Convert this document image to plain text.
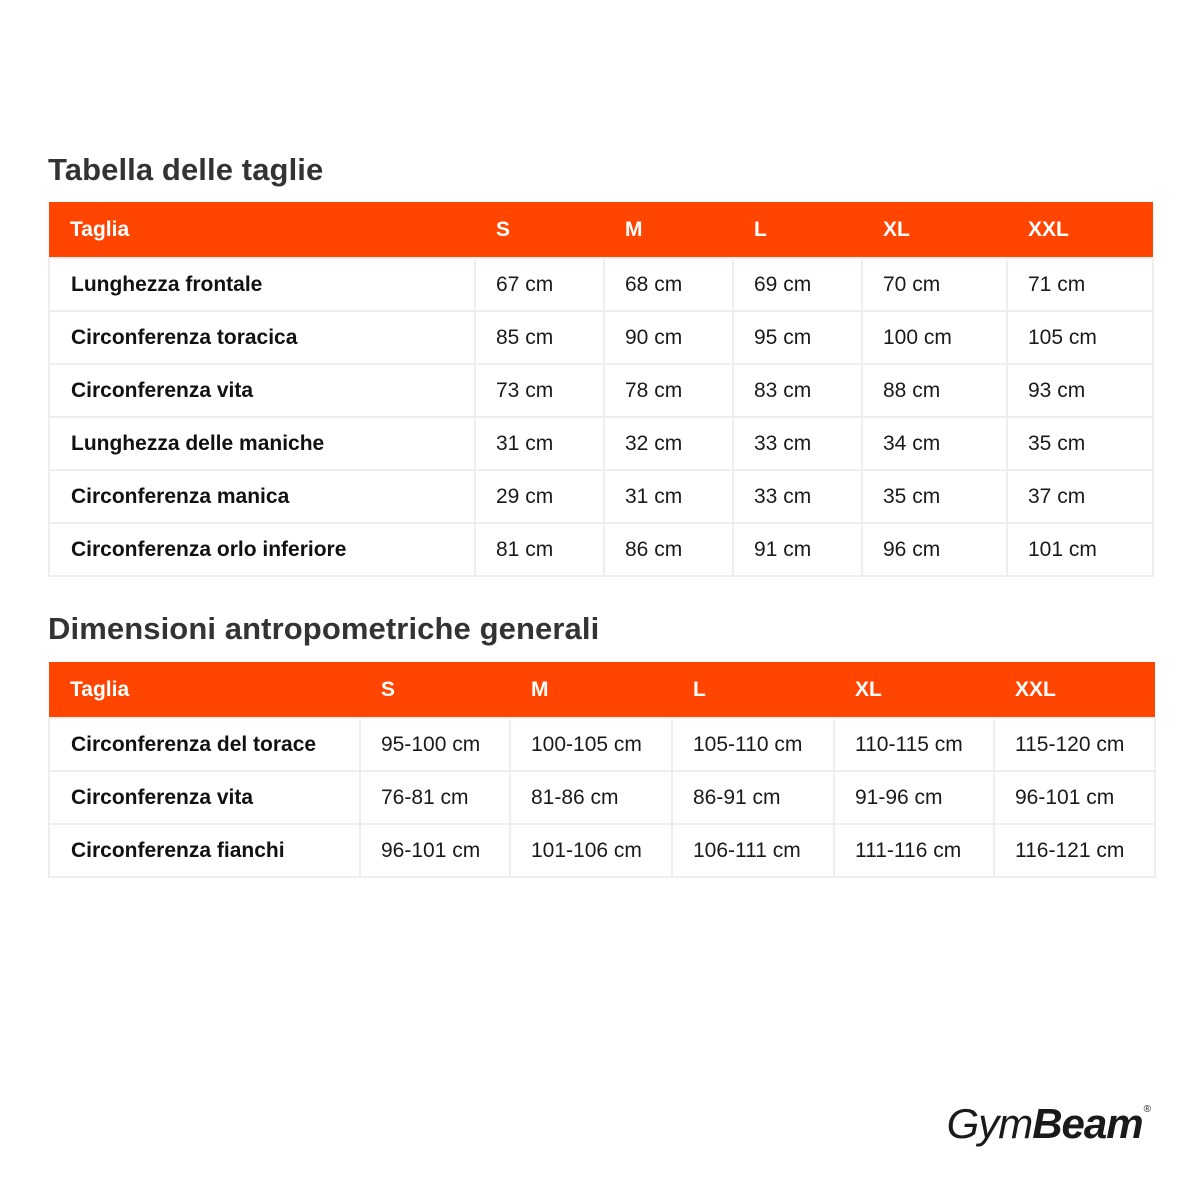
Tabella delle taglie
Taglia	S	M	L	XL	XXL
Lunghezza frontale	67 cm	68 cm	69 cm	70 cm	71 cm
Circonferenza toracica	85 cm	90 cm	95 cm	100 cm	105 cm
Circonferenza vita	73 cm	78 cm	83 cm	88 cm	93 cm
Lunghezza delle maniche	31 cm	32 cm	33 cm	34 cm	35 cm
Circonferenza manica	29 cm	31 cm	33 cm	35 cm	37 cm
Circonferenza orlo inferiore	81 cm	86 cm	91 cm	96 cm	101 cm
Dimensioni antropometriche generali
Taglia	S	M	L	XL	XXL
Circonferenza del torace	95-100 cm	100-105 cm	105-110 cm	110-115 cm	115-120 cm
Circonferenza vita	76-81 cm	81-86 cm	86-91 cm	91-96 cm	96-101 cm
Circonferenza fianchi	96-101 cm	101-106 cm	106-111 cm	111-116 cm	116-121 cm
GymBeam®
